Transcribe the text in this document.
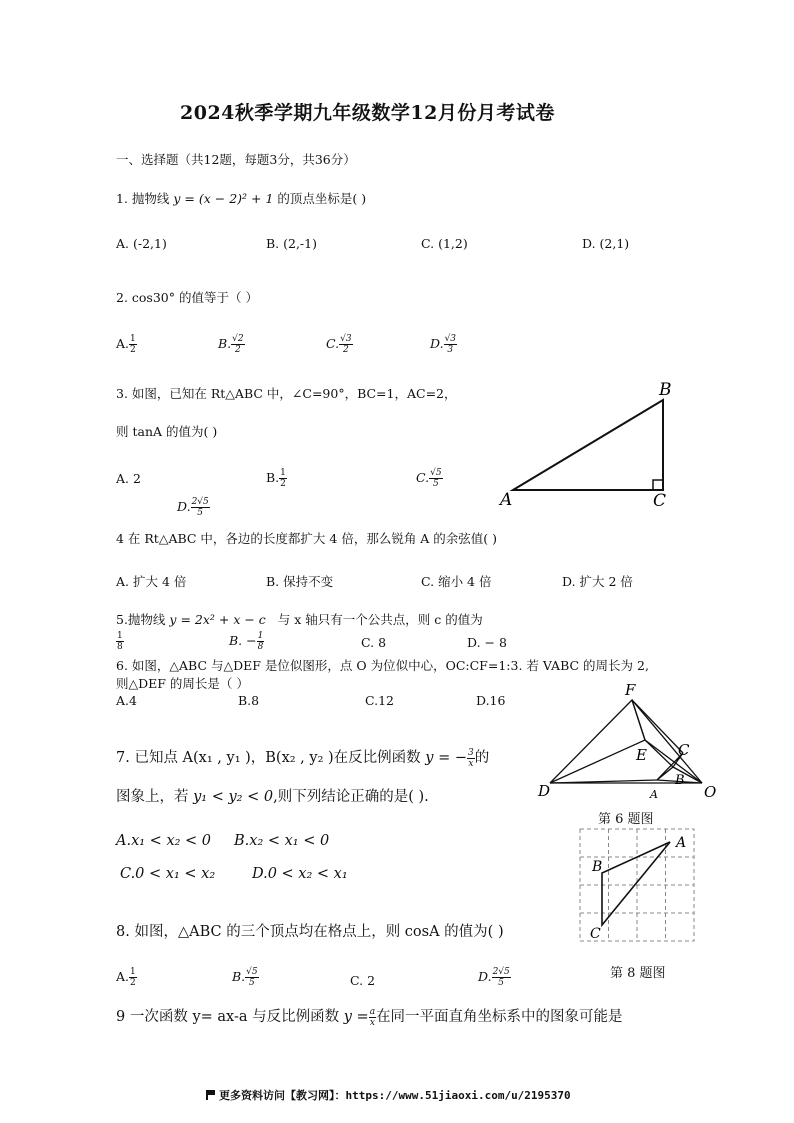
2024秋季学期九年级数学12月份月考试卷
一、选择题（共12题，每题3分，共36分）
1. 抛物线 y = (x − 2)² + 1 的顶点坐标是( )
A. (-2,1)	B. (2,-1)	C. (1,2)	D. (2,1)
2. cos30° 的值等于（ ）
A. $\frac{1}{2}$	B. $\frac{√2}{2}$	C. $\frac{√3}{2}$	D. $\frac{√3}{3}$
3. 如图，已知在 Rt△ABC 中，∠C=90°，BC=1，AC=2，
则 tanA 的值为( )
A. 2	B. $\frac{1}{2}$	C. $\frac{√5}{5}$
D. $\frac{2√5}{5}$	A
B
C
4 在 Rt△ABC 中，各边的长度都扩大 4 倍，那么锐角 A 的余弦值( )
A. 扩大 4 倍	B. 保持不变	C. 缩小 4 倍	D. 扩大 2 倍
5.抛物线 y = 2x² + x − c 与 x 轴只有一个公共点，则 c 的值为
$\frac{1}{8}$	B. − $\frac{1}{8}$	C. 8	D. − 8
6. 如图，△ABC 与△DEF 是位似图形，点 O 为位似中心，OC:CF=1:3. 若 VABC 的周长为 2,
则△DEF 的周长是（ ）
A.4	B.8	C.12	D.16
F
E C
B
A
D	O
第 6 题图
7. 已知点 A(x₁ , y₁ )，B(x₂ , y₂ )在反比例函数 y = − $\frac{3}{x}$ 的
图象上，若 y₁ < y₂ < 0,则下列结论正确的是( ).
A.x₁ < x₂ < 0 B.x₂ < x₁ < 0
C.0 < x₁ < x₂	D.0 < x₂ < x₁
A
B
C
第 8 题图
8. 如图，△ABC 的三个顶点均在格点上，则 cosA 的值为( )
A. $\frac{1}{2}$	B. $\frac{√5}{5}$	C. 2	D. $\frac{2√5}{5}$
9 一次函数 y= ax-a 与反比例函数 $y = \frac{a}{x}$ 在同一平面直角坐标系中的图象可能是
更多资料访问【教习网】：https://www.51jiaoxi.com/u/2195370
